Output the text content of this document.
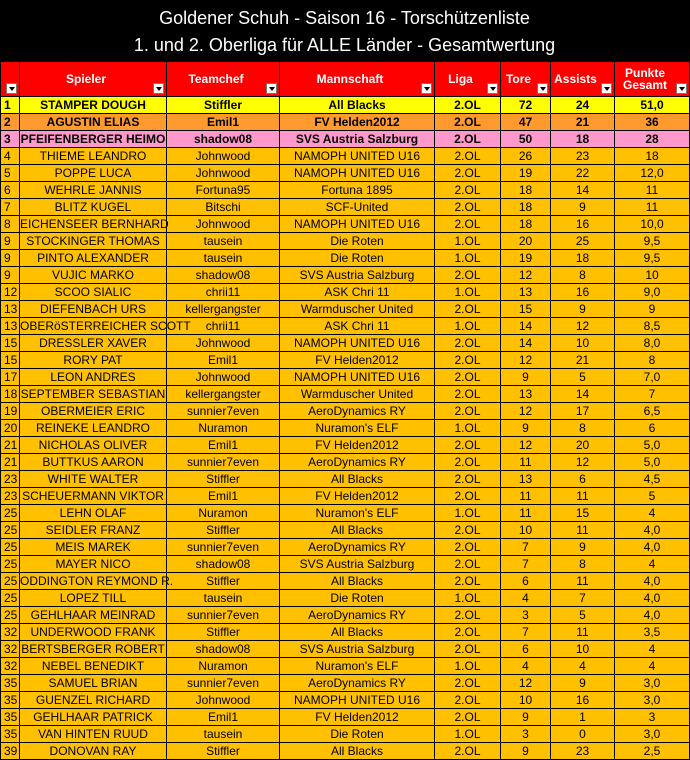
Goldener Schuh - Saison 16 - Torschützenliste
1. und 2. Oberliga für ALLE Länder - Gesamtwertung

	Spieler	Teamchef	Mannschaft	Liga	Tore	Assists	Punkte
Gesamt

1	STAMPER DOUGH	Stiffler	All Blacks	2.OL	72	24	51,0
2	AGUSTIN ELIAS	Emil1	FV Helden2012	2.OL	47	21	36
3	PFEIFENBERGER HEIMO	shadow08	SVS Austria Salzburg	2.OL	50	18	28
4	THIEME LEANDRO	Johnwood	NAMOPH UNITED U16	2.OL	26	23	18
5	POPPE LUCA	Johnwood	NAMOPH UNITED U16	2.OL	19	22	12,0
6	WEHRLE JANNIS	Fortuna95	Fortuna 1895	2.OL	18	14	11
7	BLITZ KUGEL	Bitschi	SCF-United	2.OL	18	9	11
8	EICHENSEER BERNHARD	Johnwood	NAMOPH UNITED U16	2.OL	18	16	10,0
9	STOCKINGER THOMAS	tausein	Die Roten	1.OL	20	25	9,5
9	PINTO ALEXANDER	tausein	Die Roten	1.OL	19	18	9,5
9	VUJIC MARKO	shadow08	SVS Austria Salzburg	2.OL	12	8	10
12	SCOO SIALIC	chrii11	ASK Chri 11	1.OL	13	16	9,0
13	DIEFENBACH URS	kellergangster	Warmduscher United	2.OL	15	9	9
13	OBERöSTERREICHER SCOTT	chrii11	ASK Chri 11	1.OL	14	12	8,5
15	DRESSLER XAVER	Johnwood	NAMOPH UNITED U16	2.OL	14	10	8,0
15	RORY PAT	Emil1	FV Helden2012	2.OL	12	21	8
17	LEON ANDRES	Johnwood	NAMOPH UNITED U16	2.OL	9	5	7,0
18	SEPTEMBER SEBASTIAN	kellergangster	Warmduscher United	2.OL	13	14	7
19	OBERMEIER ERIC	sunnier7even	AeroDynamics RY	2.OL	12	17	6,5
20	REINEKE LEANDRO	Nuramon	Nuramon's ELF	1.OL	9	8	6
21	NICHOLAS OLIVER	Emil1	FV Helden2012	2.OL	12	20	5,0
21	BUTTKUS AARON	sunnier7even	AeroDynamics RY	2.OL	11	12	5,0
23	WHITE WALTER	Stiffler	All Blacks	2.OL	13	6	4,5
23	SCHEUERMANN VIKTOR	Emil1	FV Helden2012	2.OL	11	11	5
25	LEHN OLAF	Nuramon	Nuramon's ELF	1.OL	11	15	4
25	SEIDLER FRANZ	Stiffler	All Blacks	2.OL	10	11	4,0
25	MEIS MAREK	sunnier7even	AeroDynamics RY	2.OL	7	9	4,0
25	MAYER NICO	shadow08	SVS Austria Salzburg	2.OL	7	8	4
25	ODDINGTON REYMOND R.	Stiffler	All Blacks	2.OL	6	11	4,0
25	LOPEZ TILL	tausein	Die Roten	1.OL	4	7	4,0
25	GEHLHAAR MEINRAD	sunnier7even	AeroDynamics RY	2.OL	3	5	4,0
32	UNDERWOOD FRANK	Stiffler	All Blacks	2.OL	7	11	3,5
32	BERTSBERGER ROBERT	shadow08	SVS Austria Salzburg	2.OL	6	10	4
32	NEBEL BENEDIKT	Nuramon	Nuramon's ELF	1.OL	4	4	4
35	SAMUEL BRIAN	sunnier7even	AeroDynamics RY	2.OL	12	9	3,0
35	GUENZEL RICHARD	Johnwood	NAMOPH UNITED U16	2.OL	10	16	3,0
35	GEHLHAAR PATRICK	Emil1	FV Helden2012	2.OL	9	1	3
35	VAN HINTEN RUUD	tausein	Die Roten	1.OL	3	0	3,0
39	DONOVAN RAY	Stiffler	All Blacks	2.OL	9	23	2,5
